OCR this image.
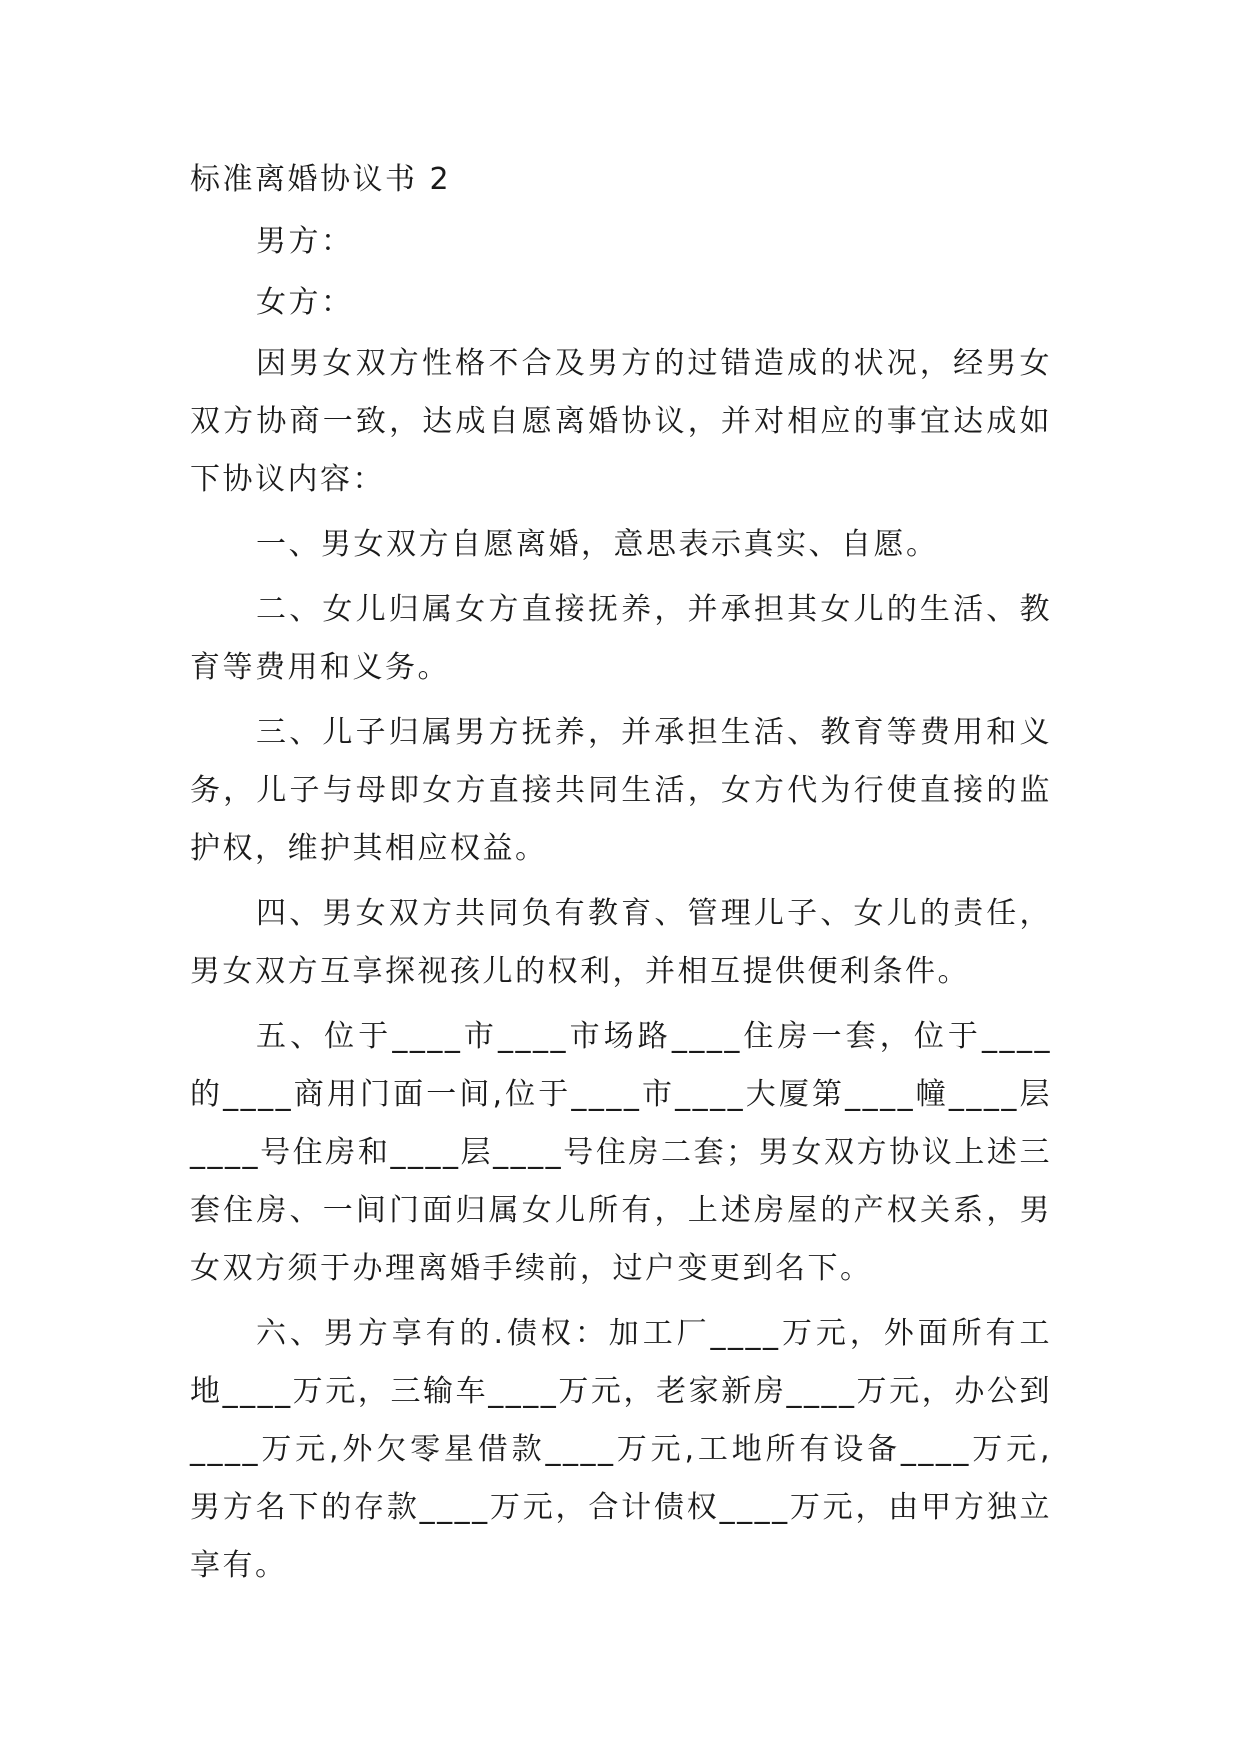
标准离婚协议书 2

男方：

女方：

因男女双方性格不合及男方的过错造成的状况，经男女双方协商一致，达成自愿离婚协议，并对相应的事宜达成如下协议内容：

一、男女双方自愿离婚，意思表示真实、自愿。

二、女儿归属女方直接抚养，并承担其女儿的生活、教育等费用和义务。

三、儿子归属男方抚养，并承担生活、教育等费用和义务，儿子与母即女方直接共同生活，女方代为行使直接的监护权，维护其相应权益。

四、男女双方共同负有教育、管理儿子、女儿的责任，男女双方互享探视孩儿的权利，并相互提供便利条件。

五、位于____市____市场路____住房一套，位于____的____商用门面一间,位于____市____大厦第____幢____层____号住房和____层____号住房二套；男女双方协议上述三套住房、一间门面归属女儿所有，上述房屋的产权关系，男女双方须于办理离婚手续前，过户变更到名下。

六、男方享有的.债权：加工厂____万元，外面所有工地____万元，三输车____万元，老家新房____万元，办公到____万元,外欠零星借款____万元,工地所有设备____万元,男方名下的存款____万元，合计债权____万元，由甲方独立享有。
